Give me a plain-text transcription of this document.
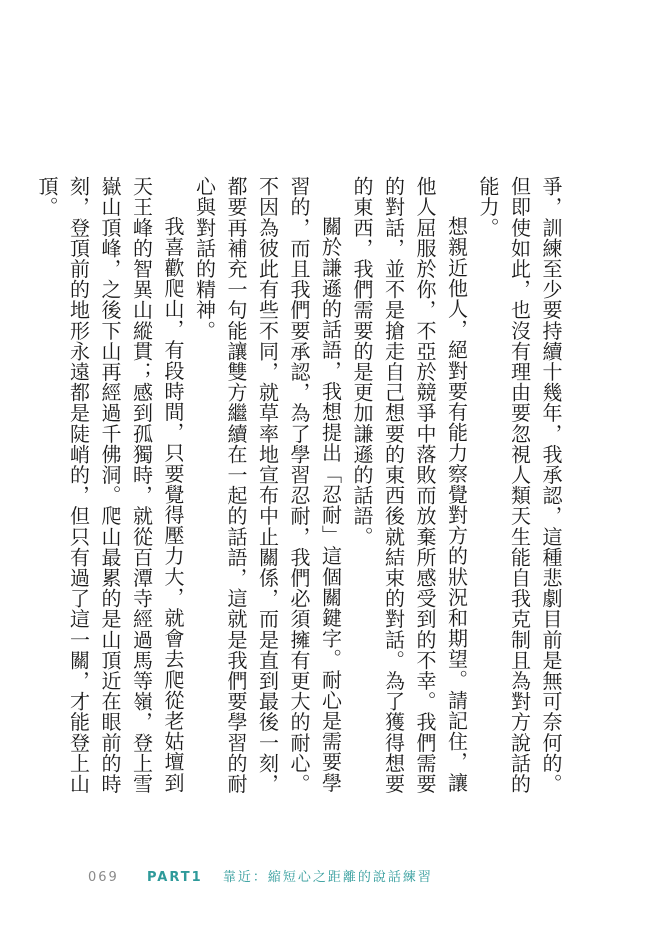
爭，訓練至少要持續十幾年，我承認，這種悲劇目前是無可奈何的。但即使如此，也沒有理由要忽視人類天生能自我克制且為對方說話的能力。

想親近他人，絕對要有能力察覺對方的狀況和期望。請記住，讓他人屈服於你，不亞於競爭中落敗而放棄所感受到的不幸。我們需要的對話，並不是搶走自己想要的東西後就結束的對話。為了獲得想要的東西，我們需要的是更加謙遜的話語。

關於謙遜的話語，我想提出「忍耐」這個關鍵字。耐心是需要學習的，而且我們要承認，為了學習忍耐，我們必須擁有更大的耐心。不因為彼此有些不同，就草率地宣布中止關係，而是直到最後一刻，都要再補充一句能讓雙方繼續在一起的話語，這就是我們要學習的耐心與對話的精神。

我喜歡爬山，有段時間，只要覺得壓力大，就會去爬從老姑壇到天王峰的智異山縱貫；感到孤獨時，就從百潭寺經過馬等嶺，登上雪嶽山頂峰，之後下山再經過千佛洞。爬山最累的是山頂近在眼前的時刻，登頂前的地形永遠都是陡峭的，但只有過了這一關，才能登上山頂。

069 PART1 靠近：縮短心之距離的說話練習
